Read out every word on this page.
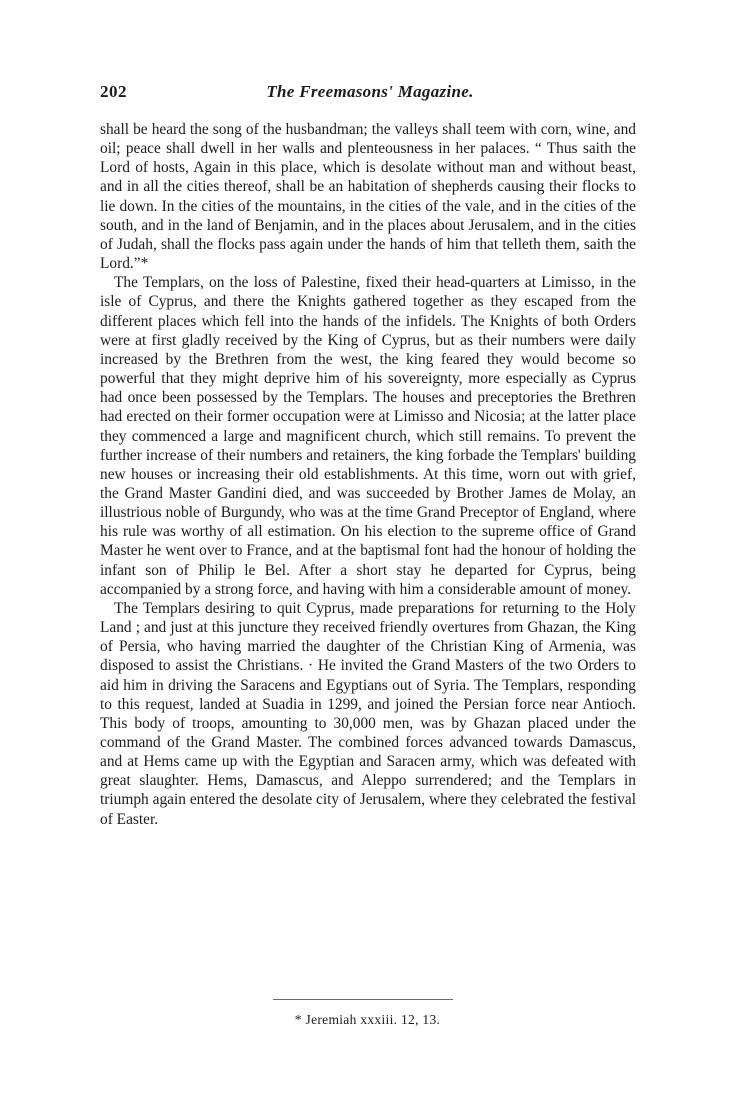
202	The Freemasons' Magazine.

shall be heard the song of the husbandman; the valleys shall teem with corn, wine, and oil; peace shall dwell in her walls and plenteousness in her palaces. “ Thus saith the Lord of hosts, Again in this place, which is desolate without man and without beast, and in all the cities thereof, shall be an habitation of shepherds causing their flocks to lie down. In the cities of the mountains, in the cities of the vale, and in the cities of the south, and in the land of Benjamin, and in the places about Jerusalem, and in the cities of Judah, shall the flocks pass again under the hands of him that telleth them, saith the Lord.”*

The Templars, on the loss of Palestine, fixed their head-quarters at Limisso, in the isle of Cyprus, and there the Knights gathered together as they escaped from the different places which fell into the hands of the infidels. The Knights of both Orders were at first gladly received by the King of Cyprus, but as their numbers were daily increased by the Brethren from the west, the king feared they would become so powerful that they might deprive him of his sovereignty, more especially as Cyprus had once been possessed by the Templars. The houses and preceptories the Brethren had erected on their former occupation were at Limisso and Nicosia; at the latter place they commenced a large and magnificent church, which still remains. To prevent the further increase of their numbers and retainers, the king forbade the Templars' building new houses or increasing their old establishments. At this time, worn out with grief, the Grand Master Gandini died, and was succeeded by Brother James de Molay, an illustrious noble of Burgundy, who was at the time Grand Preceptor of England, where his rule was worthy of all estimation. On his election to the supreme office of Grand Master he went over to France, and at the baptismal font had the honour of holding the infant son of Philip le Bel. After a short stay he departed for Cyprus, being accompanied by a strong force, and having with him a considerable amount of money.

The Templars desiring to quit Cyprus, made preparations for returning to the Holy Land ; and just at this juncture they received friendly overtures from Ghazan, the King of Persia, who having married the daughter of the Christian King of Armenia, was disposed to assist the Christians. · He invited the Grand Masters of the two Orders to aid him in driving the Saracens and Egyptians out of Syria. The Templars, responding to this request, landed at Suadia in 1299, and joined the Persian force near Antioch. This body of troops, amounting to 30,000 men, was by Ghazan placed under the command of the Grand Master. The combined forces advanced towards Damascus, and at Hems came up with the Egyptian and Saracen army, which was defeated with great slaughter. Hems, Damascus, and Aleppo surrendered; and the Templars in triumph again entered the desolate city of Jerusalem, where they celebrated the festival of Easter.

* Jeremiah xxxiii. 12, 13.
